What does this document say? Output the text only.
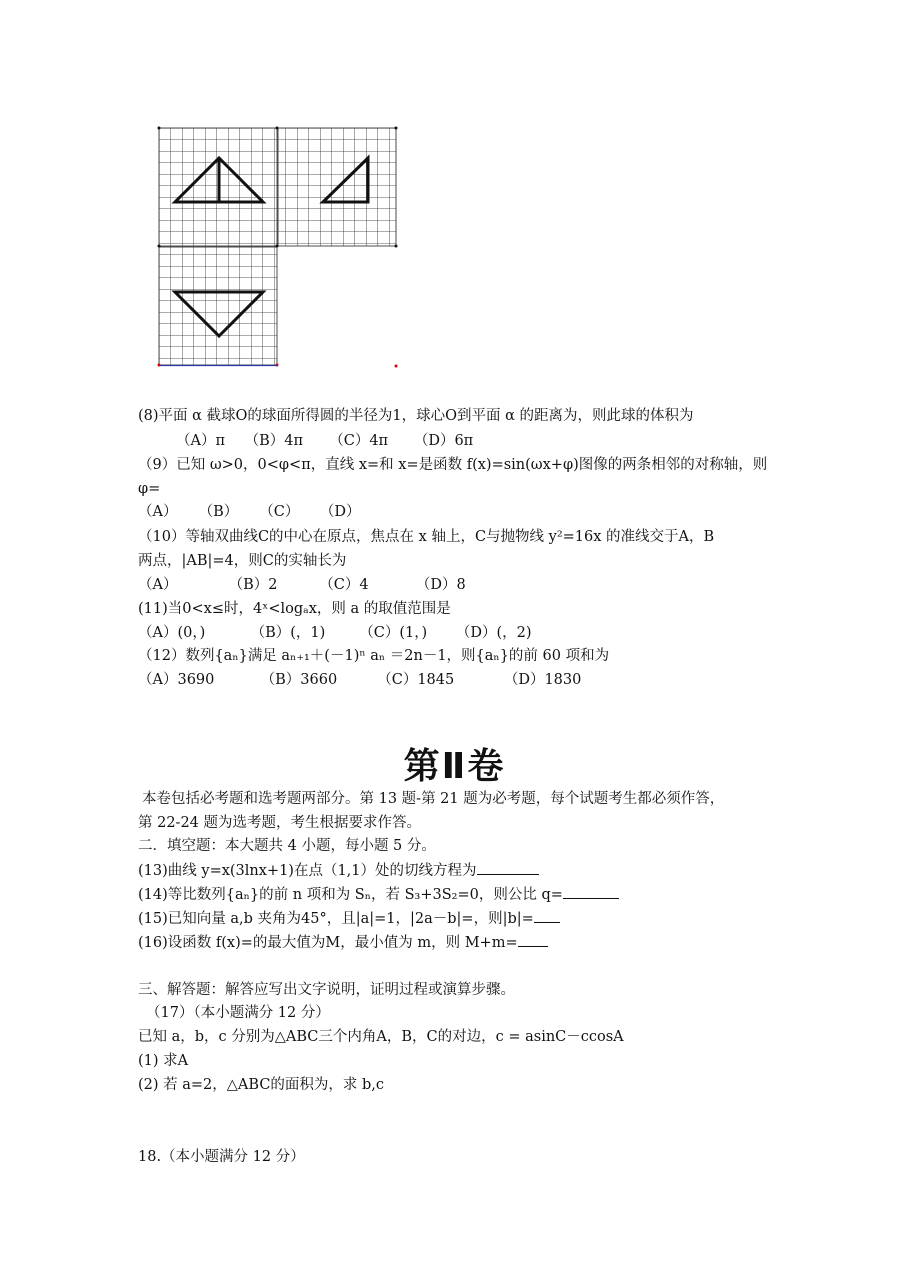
(8)平面 α 截球O的球面所得圆的半径为1，球心O到平面 α 的距离为，则此球的体积为
（A）π （B）4π （C）4π （D）6π
（9）已知 ω>0，0<φ<π，直线 x=和 x=是函数 f(x)=sin(ωx+φ)图像的两条相邻的对称轴，则
φ=
（A） （B） （C） （D）
（10）等轴双曲线C的中心在原点，焦点在 x 轴上，C与抛物线 y²=16x 的准线交于A，B
两点，|AB|=4，则C的实轴长为
（A）	（B）2	（C）4	（D）8
(11)当0<x≤时，4ˣ<logₐx，则 a 的取值范围是
（A）(0，)	（B）(，1) （C）(1，) （D）(，2)
（12）数列{aₙ}满足 aₙ₊₁＋(－1)ⁿ aₙ ＝2n－1，则{aₙ}的前 60 项和为
（A）3690	（B）3660	（C）1845	（D）1830
第Ⅱ卷
本卷包括必考题和选考题两部分。第 13 题-第 21 题为必考题，每个试题考生都必须作答，
第 22-24 题为选考题，考生根据要求作答。
二．填空题：本大题共 4 小题，每小题 5 分。
(13)曲线 y=x(3lnx+1)在点（1,1）处的切线方程为
(14)等比数列{aₙ}的前 n 项和为 Sₙ，若 S₃+3S₂=0，则公比 q=
(15)已知向量 a,b 夹角为45°，且|a|=1，|2a－b|=，则|b|=
(16)设函数 f(x)=的最大值为M，最小值为 m，则 M+m=
三、解答题：解答应写出文字说明，证明过程或演算步骤。
（17）（本小题满分 12 分）
已知 a，b，c 分别为△ABC三个内角A，B，C的对边，c = asinC－ccosA
(1) 求A
(2) 若 a=2，△ABC的面积为，求 b,c
18.（本小题满分 12 分）
